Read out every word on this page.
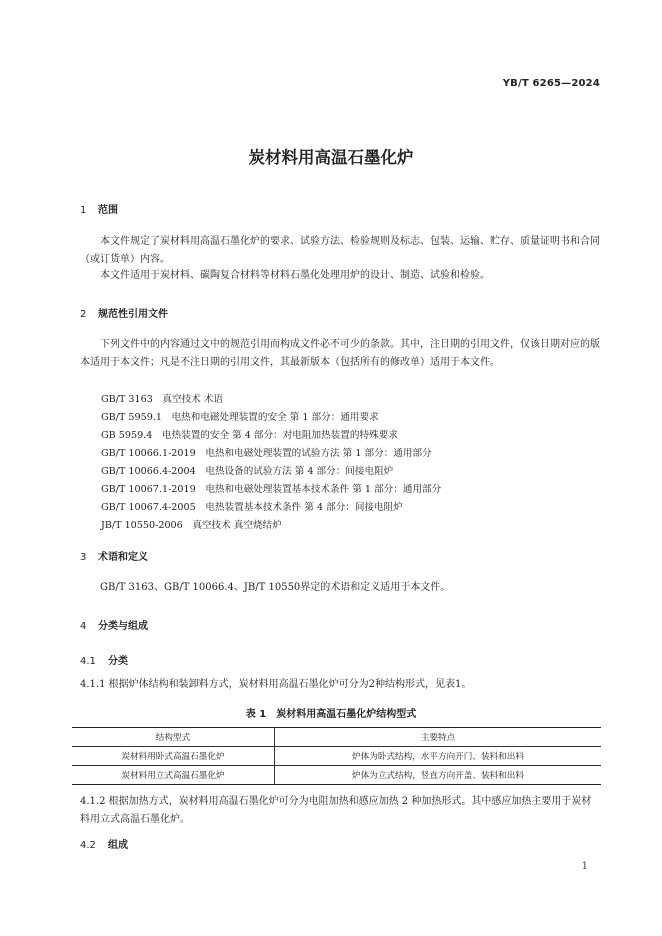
YB/T 6265—2024
炭材料用高温石墨化炉
1 范围
本文件规定了炭材料用高温石墨化炉的要求、试验方法、检验规则及标志、包装、运输、贮存、质量证明书和合同（或订货单）内容。
本文件适用于炭材料、碳陶复合材料等材料石墨化处理用炉的设计、制造、试验和检验。
2 规范性引用文件
下列文件中的内容通过文中的规范引用而构成文件必不可少的条款。其中，注日期的引用文件，仅该日期对应的版本适用于本文件；凡是不注日期的引用文件，其最新版本（包括所有的修改单）适用于本文件。
GB/T 3163　真空技术 术语
GB/T 5959.1　电热和电磁处理装置的安全 第 1 部分：通用要求
GB 5959.4　电热装置的安全 第 4 部分：对电阻加热装置的特殊要求
GB/T 10066.1-2019　电热和电磁处理装置的试验方法 第 1 部分：通用部分
GB/T 10066.4-2004　电热设备的试验方法 第 4 部分：间接电阻炉
GB/T 10067.1-2019　电热和电磁处理装置基本技术条件 第 1 部分：通用部分
GB/T 10067.4-2005　电热装置基本技术条件 第 4 部分：间接电阻炉
JB/T 10550-2006　真空技术 真空烧结炉
3 术语和定义
GB/T 3163、GB/T 10066.4、JB/T 10550界定的术语和定义适用于本文件。
4 分类与组成
4.1 分类
4.1.1 根据炉体结构和装卸料方式，炭材料用高温石墨化炉可分为2种结构形式，见表1。
表 1　炭材料用高温石墨化炉结构型式
结构型式	主要特点
炭材料用卧式高温石墨化炉	炉体为卧式结构，水平方向开门、装料和出料
炭材料用立式高温石墨化炉	炉体为立式结构，竖直方向开盖、装料和出料
4.1.2 根据加热方式，炭材料用高温石墨化炉可分为电阻加热和感应加热 2 种加热形式。其中感应加热主要用于炭材料用立式高温石墨化炉。
4.2 组成
1
